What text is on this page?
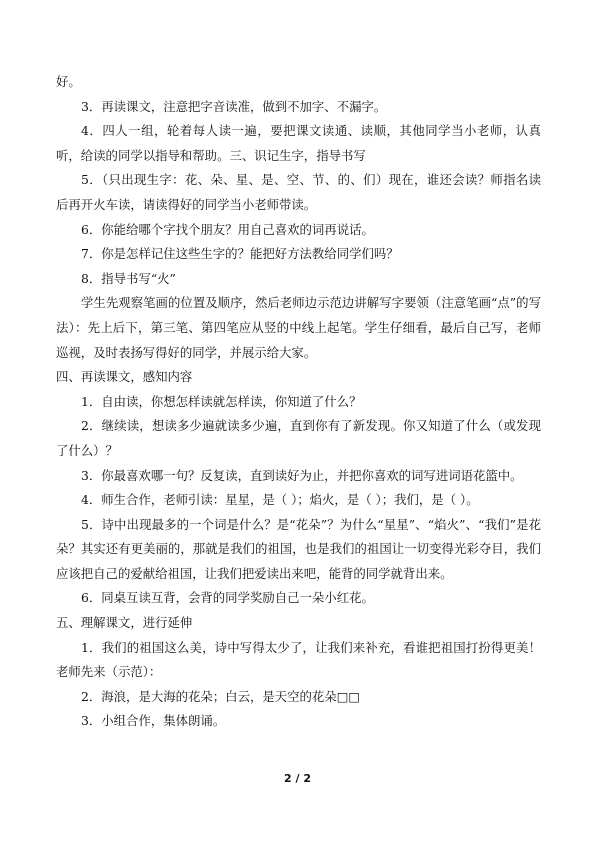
好。

3．再读课文，注意把字音读准，做到不加字、不漏字。

4．四人一组，轮着每人读一遍，要把课文读通、读顺，其他同学当小老师，认真听，给读的同学以指导和帮助。三、识记生字，指导书写

5．（只出现生字：花、朵、星、是、空、节、的、们）现在，谁还会读？师指名读后再开火车读，请读得好的同学当小老师带读。

6．你能给哪个字找个朋友？用自己喜欢的词再说话。

7．你是怎样记住这些生字的？能把好方法教给同学们吗？

8．指导书写“火”

学生先观察笔画的位置及顺序，然后老师边示范边讲解写字要领（注意笔画“点”的写法）：先上后下，第三笔、第四笔应从竖的中线上起笔。学生仔细看，最后自己写，老师巡视，及时表扬写得好的同学，并展示给大家。

四、再读课文，感知内容

1．自由读，你想怎样读就怎样读，你知道了什么？

2．继续读，想读多少遍就读多少遍，直到你有了新发现。你又知道了什么（或发现了什么）？

3．你最喜欢哪一句？反复读，直到读好为止，并把你喜欢的词写进词语花篮中。

4．师生合作，老师引读：星星，是（ ）；焰火，是（ ）；我们，是（ ）。

5．诗中出现最多的一个词是什么？是“花朵”？为什么“星星”、“焰火”、“我们”是花朵？其实还有更美丽的，那就是我们的祖国，也是我们的祖国让一切变得光彩夺目，我们应该把自己的爱献给祖国，让我们把爱读出来吧，能背的同学就背出来。

6．同桌互读互背，会背的同学奖励自己一朵小红花。

五、理解课文，进行延伸

1．我们的祖国这么美，诗中写得太少了，让我们来补充，看谁把祖国打扮得更美！老师先来（示范）：

2．海浪，是大海的花朵；白云，是天空的花朵□□

3．小组合作，集体朗诵。

2 / 2
